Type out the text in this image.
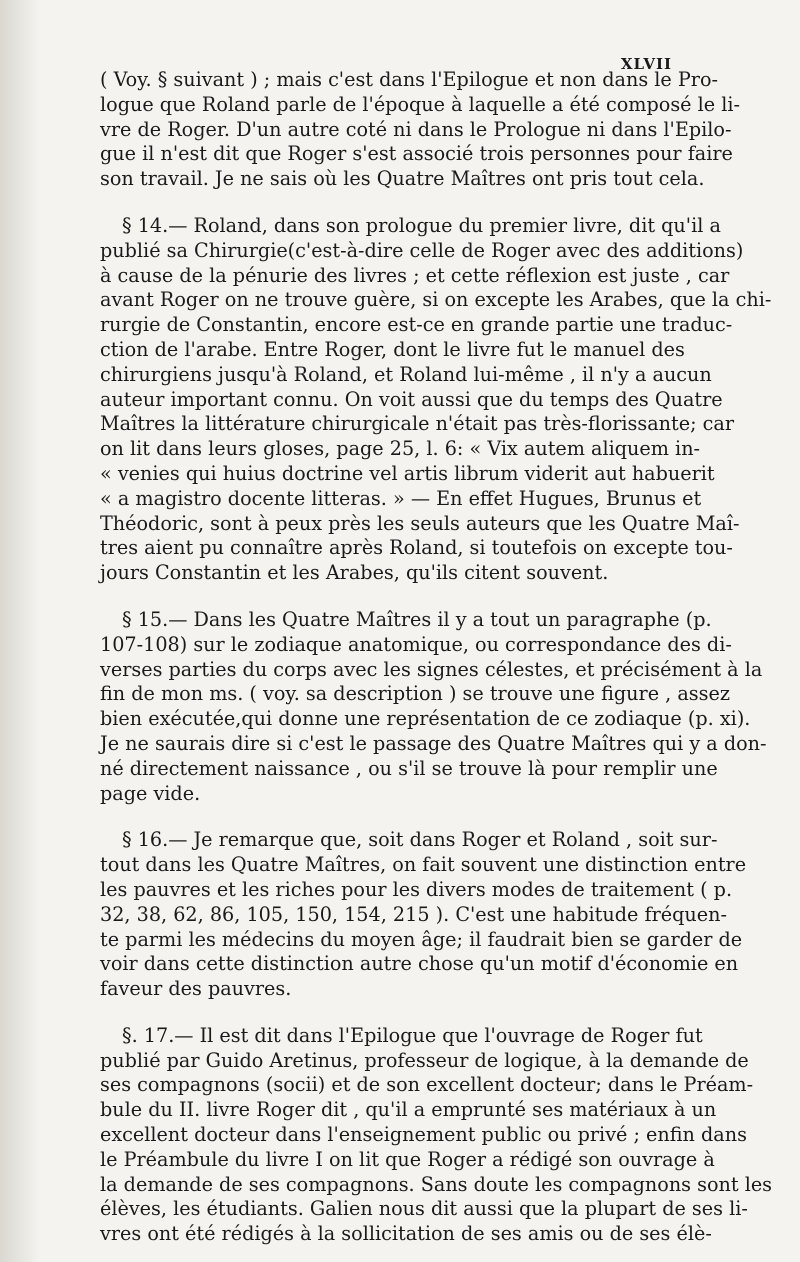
XLVII
( Voy. § suivant ) ; mais c'est dans l'Epilogue et non dans le Pro-
logue que Roland parle de l'époque à laquelle a été composé le li-
vre de Roger. D'un autre coté ni dans le Prologue ni dans l'Epilo-
gue il n'est dit que Roger s'est associé trois personnes pour faire
son travail. Je ne sais où les Quatre Maîtres ont pris tout cela.
§ 14.— Roland, dans son prologue du premier livre, dit qu'il a
publié sa Chirurgie(c'est-à-dire celle de Roger avec des additions)
à cause de la pénurie des livres ; et cette réflexion est juste , car
avant Roger on ne trouve guère, si on excepte les Arabes, que la chi-
rurgie de Constantin, encore est-ce en grande partie une traduc-
ction de l'arabe. Entre Roger, dont le livre fut le manuel des
chirurgiens jusqu'à Roland, et Roland lui-même , il n'y a aucun
auteur important connu. On voit aussi que du temps des Quatre
Maîtres la littérature chirurgicale n'était pas très-florissante; car
on lit dans leurs gloses, page 25, l. 6: « Vix autem aliquem in-
« venies qui huius doctrine vel artis librum viderit aut habuerit
« a magistro docente litteras. » — En effet Hugues, Brunus et
Théodoric, sont à peux près les seuls auteurs que les Quatre Maî-
tres aient pu connaître après Roland, si toutefois on excepte tou-
jours Constantin et les Arabes, qu'ils citent souvent.
§ 15.— Dans les Quatre Maîtres il y a tout un paragraphe (p.
107-108) sur le zodiaque anatomique, ou correspondance des di-
verses parties du corps avec les signes célestes, et précisément à la
fin de mon ms. ( voy. sa description ) se trouve une figure , assez
bien exécutée,qui donne une représentation de ce zodiaque (p. xi).
Je ne saurais dire si c'est le passage des Quatre Maîtres qui y a don-
né directement naissance , ou s'il se trouve là pour remplir une
page vide.
§ 16.— Je remarque que, soit dans Roger et Roland , soit sur-
tout dans les Quatre Maîtres, on fait souvent une distinction entre
les pauvres et les riches pour les divers modes de traitement ( p.
32, 38, 62, 86, 105, 150, 154, 215 ). C'est une habitude fréquen-
te parmi les médecins du moyen âge; il faudrait bien se garder de
voir dans cette distinction autre chose qu'un motif d'économie en
faveur des pauvres.
§. 17.— Il est dit dans l'Epilogue que l'ouvrage de Roger fut
publié par Guido Aretinus, professeur de logique, à la demande de
ses compagnons (socii) et de son excellent docteur; dans le Préam-
bule du II. livre Roger dit , qu'il a emprunté ses matériaux à un
excellent docteur dans l'enseignement public ou privé ; enfin dans
le Préambule du livre I on lit que Roger a rédigé son ouvrage à
la demande de ses compagnons. Sans doute les compagnons sont les
élèves, les étudiants. Galien nous dit aussi que la plupart de ses li-
vres ont été rédigés à la sollicitation de ses amis ou de ses élè-
